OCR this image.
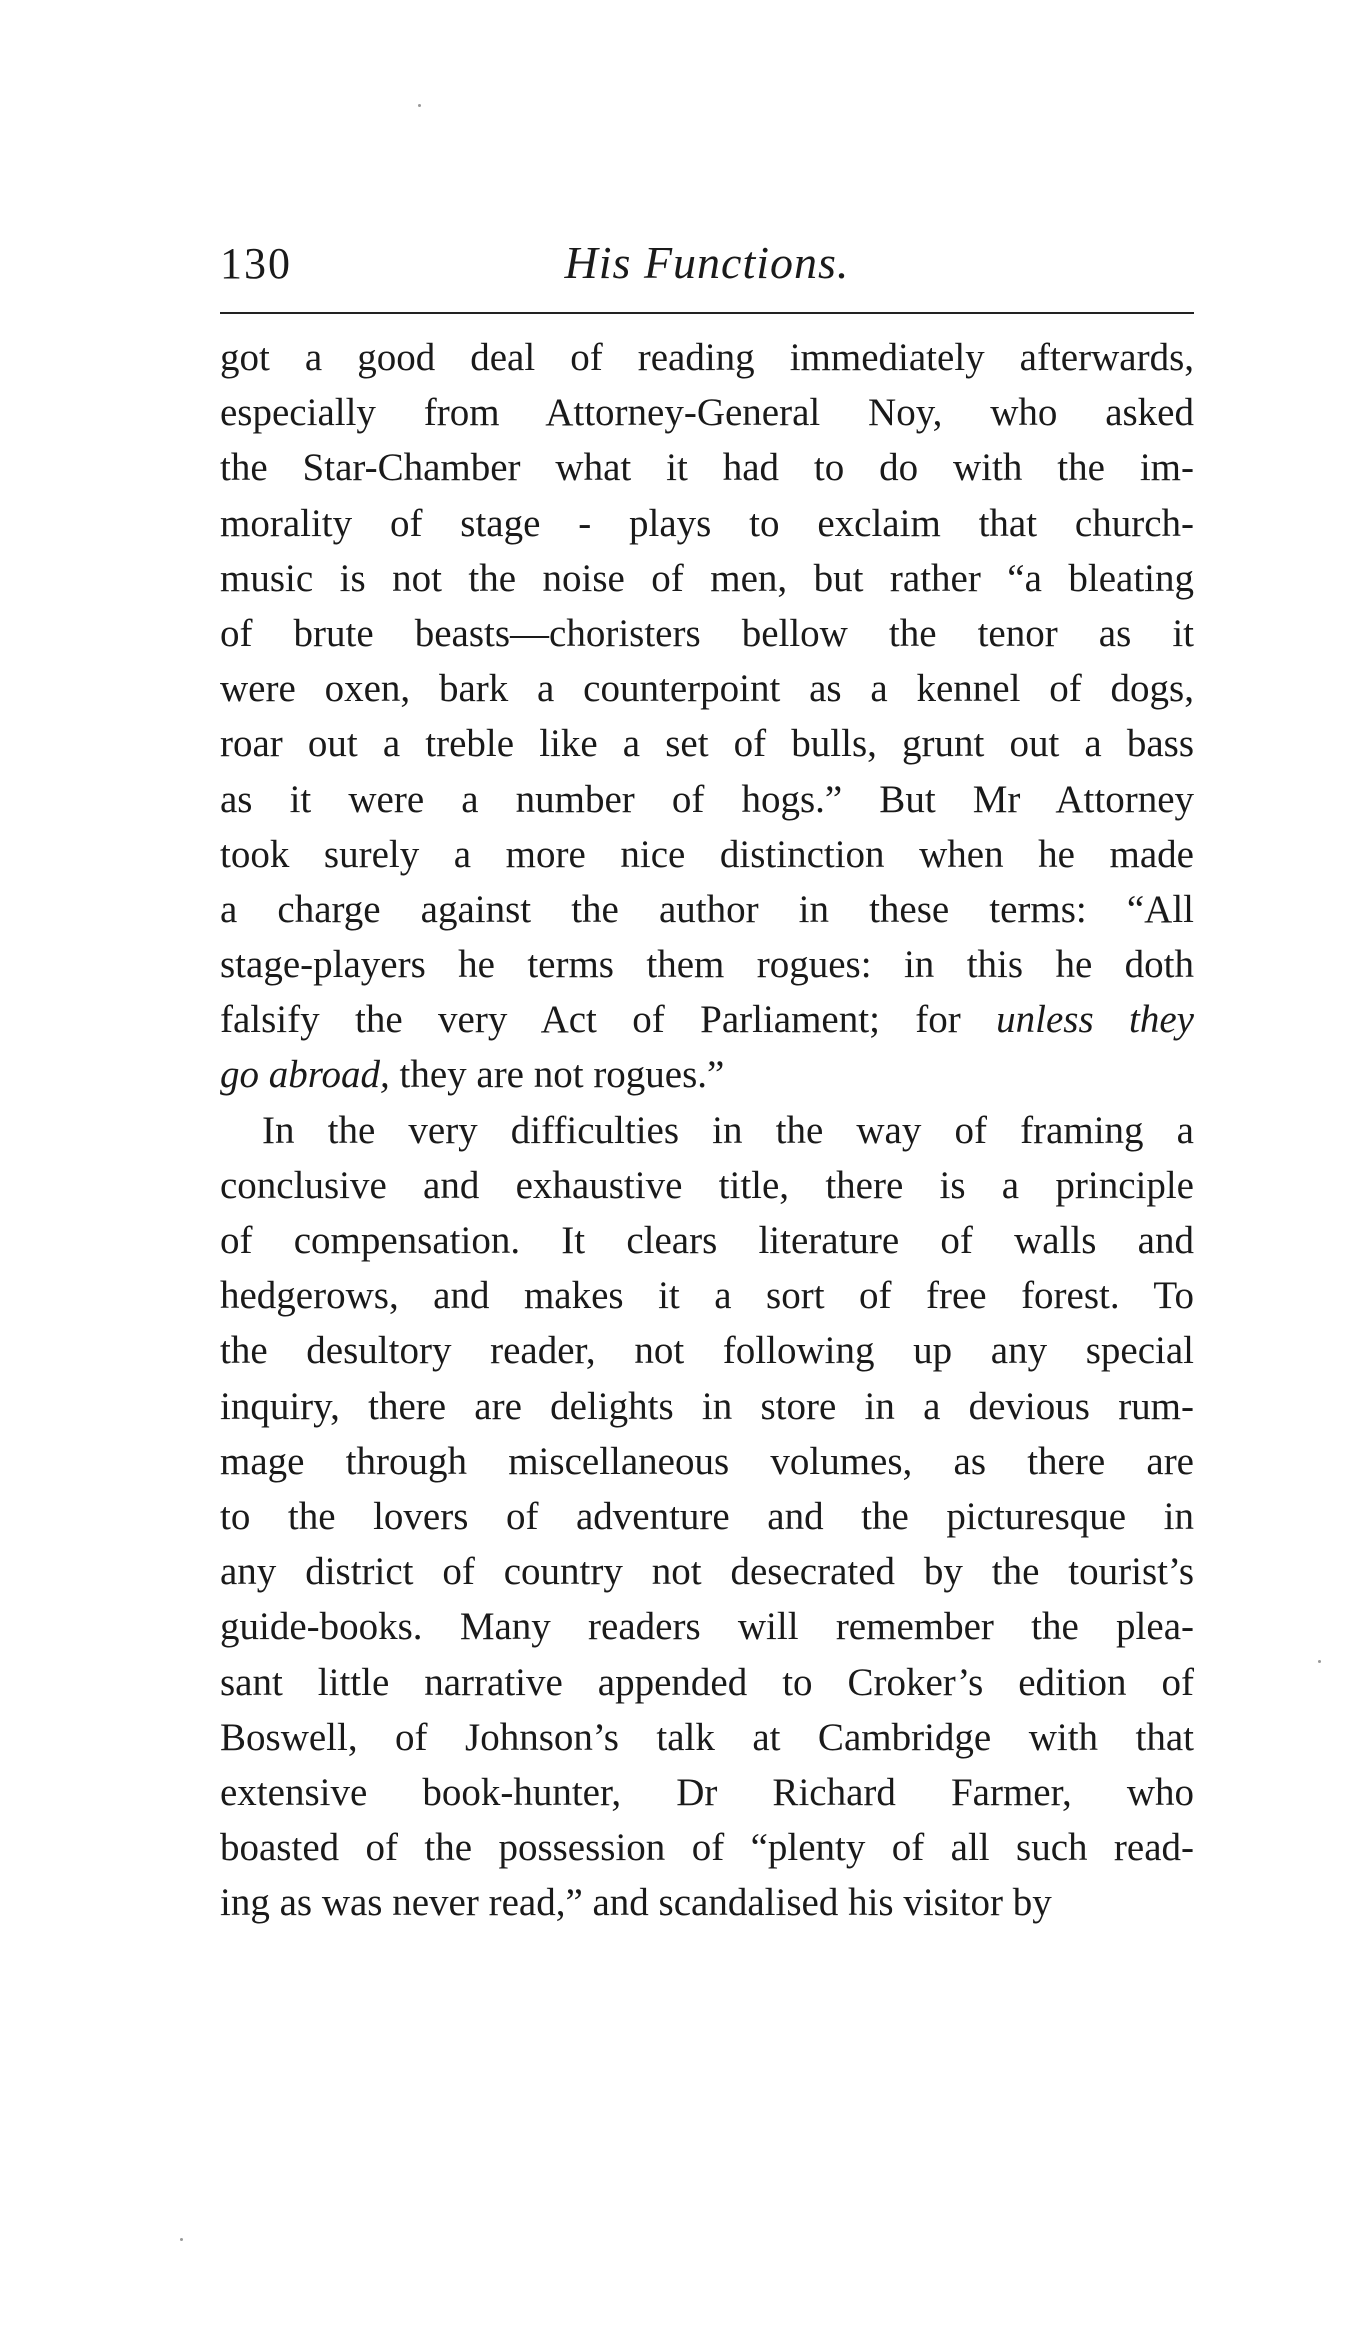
130	His Functions.
got a good deal of reading immediately afterwards,
especially from Attorney-General Noy, who asked
the Star-Chamber what it had to do with the im-
morality of stage - plays to exclaim that church-
music is not the noise of men, but rather “a bleating
of brute beasts—choristers bellow the tenor as it
were oxen, bark a counterpoint as a kennel of dogs,
roar out a treble like a set of bulls, grunt out a bass
as it were a number of hogs.” But Mr Attorney
took surely a more nice distinction when he made
a charge against the author in these terms: “All
stage-players he terms them rogues: in this he doth
falsify the very Act of Parliament; for unless they
go abroad, they are not rogues.”
In the very difficulties in the way of framing a
conclusive and exhaustive title, there is a principle
of compensation. It clears literature of walls and
hedgerows, and makes it a sort of free forest. To
the desultory reader, not following up any special
inquiry, there are delights in store in a devious rum-
mage through miscellaneous volumes, as there are
to the lovers of adventure and the picturesque in
any district of country not desecrated by the tourist’s
guide-books. Many readers will remember the plea-
sant little narrative appended to Croker’s edition of
Boswell, of Johnson’s talk at Cambridge with that
extensive book-hunter, Dr Richard Farmer, who
boasted of the possession of “plenty of all such read-
ing as was never read,” and scandalised his visitor by
